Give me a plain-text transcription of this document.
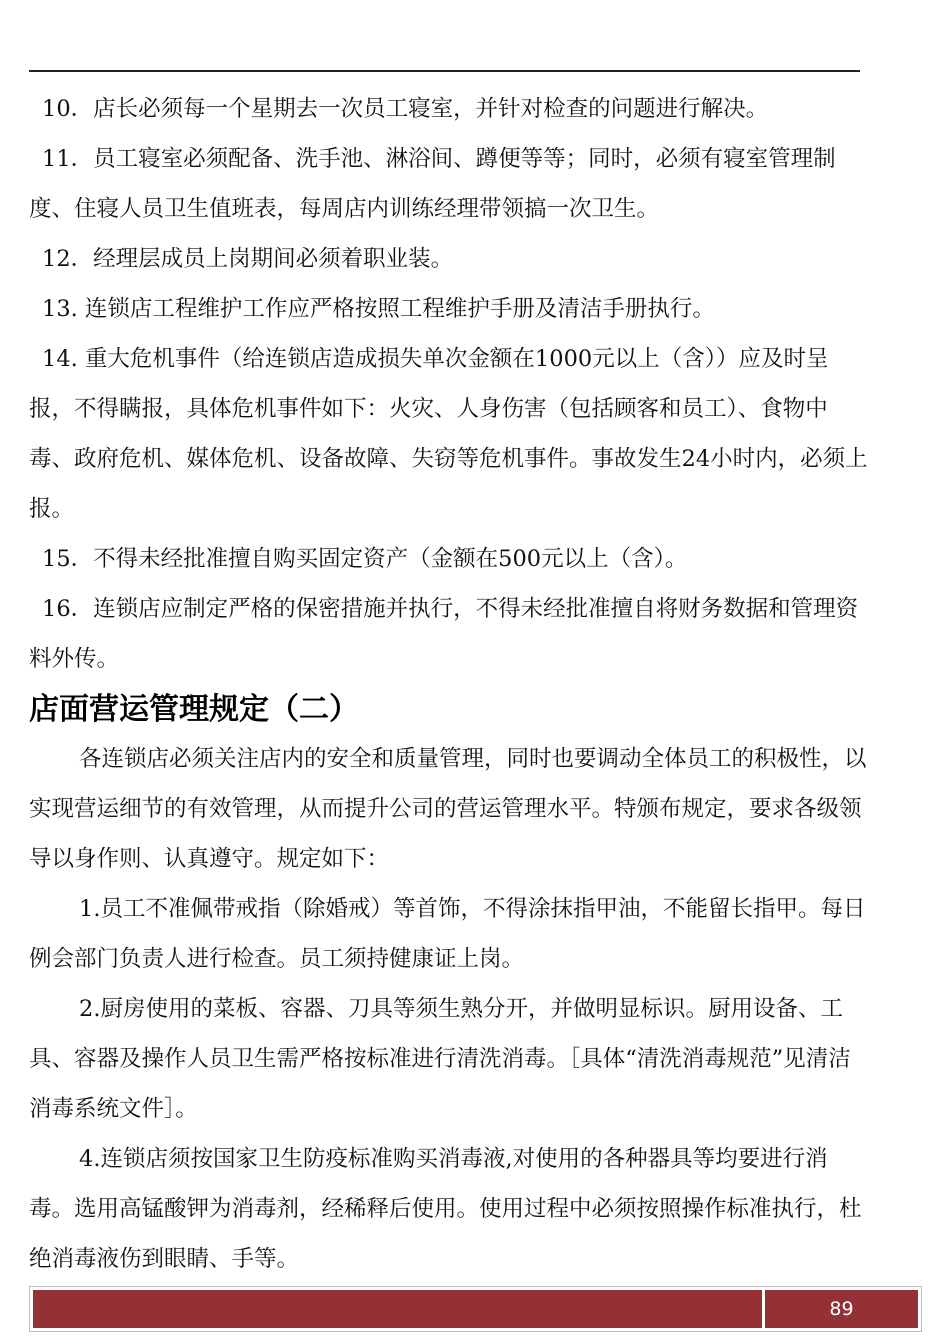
10．店长必须每一个星期去一次员工寝室，并针对检查的问题进行解决。

11．员工寝室必须配备、洗手池、淋浴间、蹲便等等；同时，必须有寝室管理制度、住寝人员卫生值班表，每周店内训练经理带领搞一次卫生。

12．经理层成员上岗期间必须着职业装。

13. 连锁店工程维护工作应严格按照工程维护手册及清洁手册执行。

14. 重大危机事件（给连锁店造成损失单次金额在1000元以上（含））应及时呈报，不得瞒报，具体危机事件如下：火灾、人身伤害（包括顾客和员工）、食物中毒、政府危机、媒体危机、设备故障、失窃等危机事件。事故发生24小时内，必须上报。

15．不得未经批准擅自购买固定资产（金额在500元以上（含）。

16．连锁店应制定严格的保密措施并执行，不得未经批准擅自将财务数据和管理资料外传。

店面营运管理规定（二）

各连锁店必须关注店内的安全和质量管理，同时也要调动全体员工的积极性，以实现营运细节的有效管理，从而提升公司的营运管理水平。特颁布规定，要求各级领导以身作则、认真遵守。规定如下：

1.员工不准佩带戒指（除婚戒）等首饰，不得涂抹指甲油，不能留长指甲。每日例会部门负责人进行检查。员工须持健康证上岗。

2.厨房使用的菜板、容器、刀具等须生熟分开，并做明显标识。厨用设备、工具、容器及操作人员卫生需严格按标准进行清洗消毒。［具体“清洗消毒规范”见清洁消毒系统文件］。

4.连锁店须按国家卫生防疫标准购买消毒液,对使用的各种器具等均要进行消毒。选用高锰酸钾为消毒剂，经稀释后使用。使用过程中必须按照操作标准执行，杜绝消毒液伤到眼睛、手等。

89
